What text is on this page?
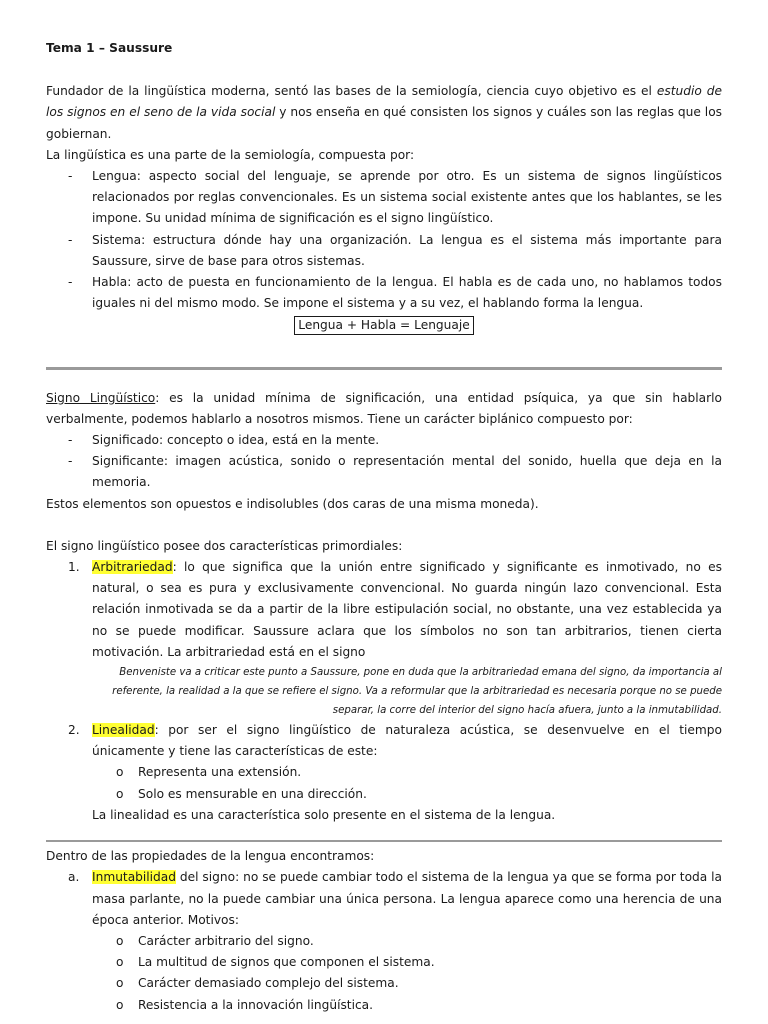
Tema 1 – Saussure

Fundador de la lingüística moderna, sentó las bases de la semiología, ciencia cuyo objetivo es el estudio de los signos en el seno de la vida social y nos enseña en qué consisten los signos y cuáles son las reglas que los gobiernan.

La lingüística es una parte de la semiología, compuesta por:

- Lengua: aspecto social del lenguaje, se aprende por otro. Es un sistema de signos lingüísticos relacionados por reglas convencionales. Es un sistema social existente antes que los hablantes, se les impone. Su unidad mínima de significación es el signo lingüístico.
- Sistema: estructura dónde hay una organización. La lengua es el sistema más importante para Saussure, sirve de base para otros sistemas.
- Habla: acto de puesta en funcionamiento de la lengua. El habla es de cada uno, no hablamos todos iguales ni del mismo modo. Se impone el sistema y a su vez, el hablando forma la lengua.
Lengua + Habla = Lenguaje

Signo Lingüístico: es la unidad mínima de significación, una entidad psíquica, ya que sin hablarlo verbalmente, podemos hablarlo a nosotros mismos. Tiene un carácter biplánico compuesto por:

- Significado: concepto o idea, está en la mente.
- Significante: imagen acústica, sonido o representación mental del sonido, huella que deja en la memoria.

Estos elementos son opuestos e indisolubles (dos caras de una misma moneda).

El signo lingüístico posee dos características primordiales:

1. Arbitrariedad: lo que significa que la unión entre significado y significante es inmotivado, no es natural, o sea es pura y exclusivamente convencional. No guarda ningún lazo convencional. Esta relación inmotivada se da a partir de la libre estipulación social, no obstante, una vez establecida ya no se puede modificar. Saussure aclara que los símbolos no son tan arbitrarios, tienen cierta motivación. La arbitrariedad está en el signo

Benveniste va a criticar este punto a Saussure, pone en duda que la arbitrariedad emana del signo, da importancia al referente, la realidad a la que se refiere el signo. Va a reformular que la arbitrariedad es necesaria porque no se puede separar, la corre del interior del signo hacía afuera, junto a la inmutabilidad.

2. Linealidad: por ser el signo lingüístico de naturaleza acústica, se desenvuelve en el tiempo únicamente y tiene las características de este:
o Representa una extensión.
o Solo es mensurable en una dirección.

La linealidad es una característica solo presente en el sistema de la lengua.

Dentro de las propiedades de la lengua encontramos:

a. Inmutabilidad del signo: no se puede cambiar todo el sistema de la lengua ya que se forma por toda la masa parlante, no la puede cambiar una única persona. La lengua aparece como una herencia de una época anterior. Motivos:
o Carácter arbitrario del signo.
o La multitud de signos que componen el sistema.
o Carácter demasiado complejo del sistema.
o Resistencia a la innovación lingüística.
